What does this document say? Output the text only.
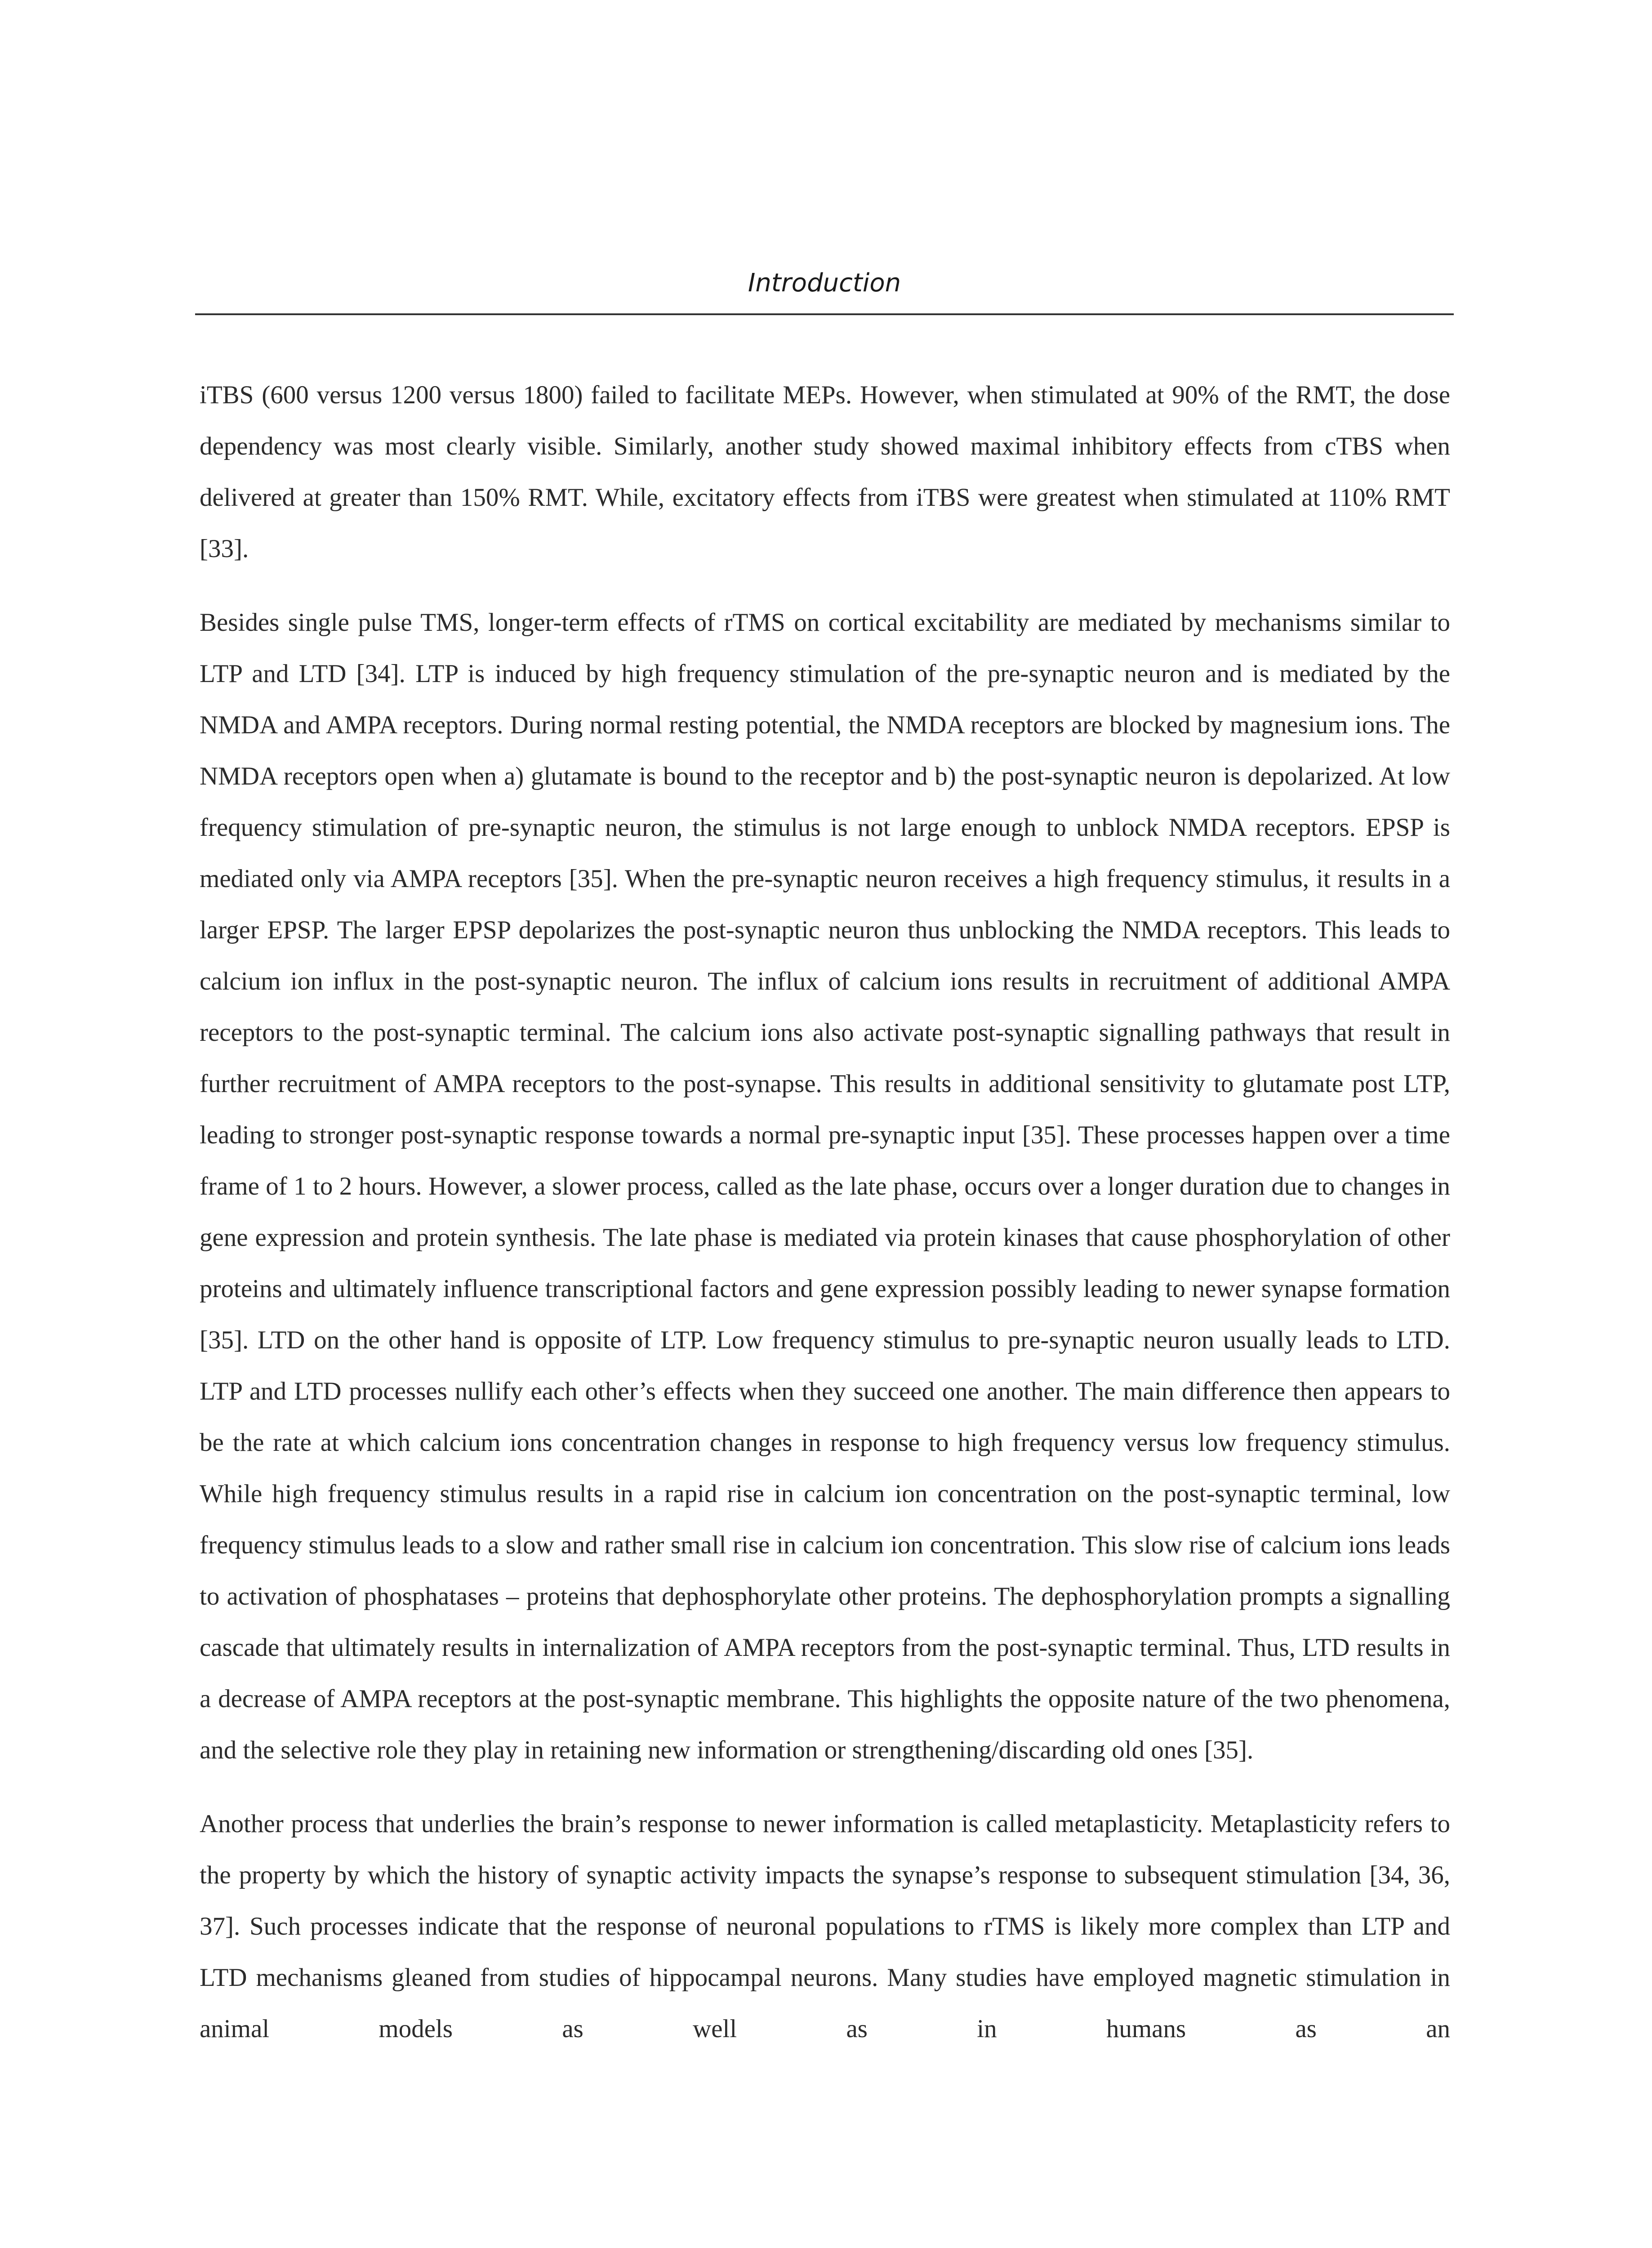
Introduction

iTBS (600 versus 1200 versus 1800) failed to facilitate MEPs. However, when stimulated at 90% of the RMT, the dose dependency was most clearly visible. Similarly, another study showed maximal inhibitory effects from cTBS when delivered at greater than 150% RMT. While, excitatory effects from iTBS were greatest when stimulated at 110% RMT [33].

Besides single pulse TMS, longer-term effects of rTMS on cortical excitability are mediated by mechanisms similar to LTP and LTD [34]. LTP is induced by high frequency stimulation of the pre-synaptic neuron and is mediated by the NMDA and AMPA receptors. During normal resting potential, the NMDA receptors are blocked by magnesium ions. The NMDA receptors open when a) glutamate is bound to the receptor and b) the post-synaptic neuron is depolarized. At low frequency stimulation of pre-synaptic neuron, the stimulus is not large enough to unblock NMDA receptors. EPSP is mediated only via AMPA receptors [35]. When the pre-synaptic neuron receives a high frequency stimulus, it results in a larger EPSP. The larger EPSP depolarizes the post-synaptic neuron thus unblocking the NMDA receptors. This leads to calcium ion influx in the post-synaptic neuron. The influx of calcium ions results in recruitment of additional AMPA receptors to the post-synaptic terminal. The calcium ions also activate post-synaptic signalling pathways that result in further recruitment of AMPA receptors to the post-synapse. This results in additional sensitivity to glutamate post LTP, leading to stronger post-synaptic response towards a normal pre-synaptic input [35]. These processes happen over a time frame of 1 to 2 hours. However, a slower process, called as the late phase, occurs over a longer duration due to changes in gene expression and protein synthesis. The late phase is mediated via protein kinases that cause phosphorylation of other proteins and ultimately influence transcriptional factors and gene expression possibly leading to newer synapse formation [35]. LTD on the other hand is opposite of LTP. Low frequency stimulus to pre-synaptic neuron usually leads to LTD. LTP and LTD processes nullify each other’s effects when they succeed one another. The main difference then appears to be the rate at which calcium ions concentration changes in response to high frequency versus low frequency stimulus. While high frequency stimulus results in a rapid rise in calcium ion concentration on the post-synaptic terminal, low frequency stimulus leads to a slow and rather small rise in calcium ion concentration. This slow rise of calcium ions leads to activation of phosphatases – proteins that dephosphorylate other proteins. The dephosphorylation prompts a signalling cascade that ultimately results in internalization of AMPA receptors from the post-synaptic terminal. Thus, LTD results in a decrease of AMPA receptors at the post-synaptic membrane. This highlights the opposite nature of the two phenomena, and the selective role they play in retaining new information or strengthening/discarding old ones [35].

Another process that underlies the brain’s response to newer information is called metaplasticity. Metaplasticity refers to the property by which the history of synaptic activity impacts the synapse’s response to subsequent stimulation [34, 36, 37]. Such processes indicate that the response of neuronal populations to rTMS is likely more complex than LTP and LTD mechanisms gleaned from studies of hippocampal neurons. Many studies have employed magnetic stimulation in animal models as well as in humans as an
